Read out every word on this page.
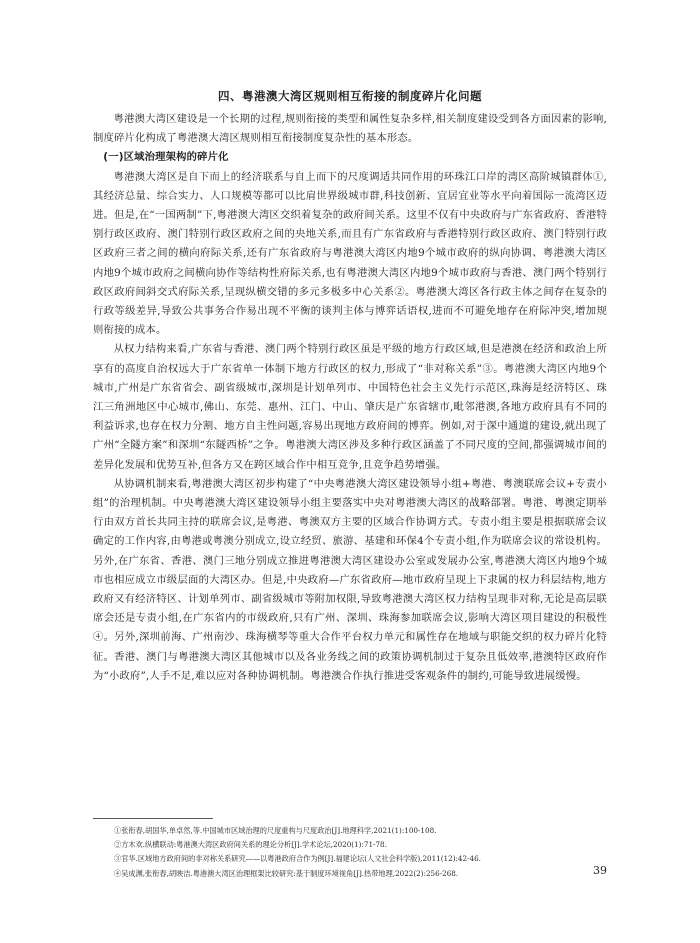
四、粤港澳大湾区规则相互衔接的制度碎片化问题

粤港澳大湾区建设是一个长期的过程,规则衔接的类型和属性复杂多样,相关制度建设受到各方面因素的影响,制度碎片化构成了粤港澳大湾区规则相互衔接制度复杂性的基本形态。

(一)区域治理架构的碎片化

粤港澳大湾区是自下而上的经济联系与自上而下的尺度调适共同作用的环珠江口岸的湾区高阶城镇群体①,其经济总量、综合实力、人口规模等都可以比肩世界级城市群,科技创新、宜居宜业等水平向着国际一流湾区迈进。但是,在“一国两制”下,粤港澳大湾区交织着复杂的政府间关系。这里不仅有中央政府与广东省政府、香港特别行政区政府、澳门特别行政区政府之间的央地关系,而且有广东省政府与香港特别行政区政府、澳门特别行政区政府三者之间的横向府际关系,还有广东省政府与粤港澳大湾区内地9个城市政府的纵向协调、粤港澳大湾区内地9个城市政府之间横向协作等结构性府际关系,也有粤港澳大湾区内地9个城市政府与香港、澳门两个特别行政区政府间斜交式府际关系,呈现纵横交错的多元多极多中心关系②。粤港澳大湾区各行政主体之间存在复杂的行政等级差异,导致公共事务合作易出现不平衡的谈判主体与博弈话语权,进而不可避免地存在府际冲突,增加规则衔接的成本。

从权力结构来看,广东省与香港、澳门两个特别行政区虽是平级的地方行政区域,但是港澳在经济和政治上所享有的高度自治权远大于广东省单一体制下地方行政区的权力,形成了“非对称关系”③。粤港澳大湾区内地9个城市,广州是广东省省会、副省级城市,深圳是计划单列市、中国特色社会主义先行示范区,珠海是经济特区、珠江三角洲地区中心城市,佛山、东莞、惠州、江门、中山、肇庆是广东省辖市,毗邻港澳,各地方政府具有不同的利益诉求,也存在权力分割、地方自主性问题,容易出现地方政府间的博弈。例如,对于深中通道的建设,就出现了广州“全隧方案”和深圳“东隧西桥”之争。粤港澳大湾区涉及多种行政区涵盖了不同尺度的空间,都强调城市间的差异化发展和优势互补,但各方又在跨区域合作中相互竞争,且竞争趋势增强。

从协调机制来看,粤港澳大湾区初步构建了“中央粤港澳大湾区建设领导小组+粤港、粤澳联席会议+专责小组”的治理机制。中央粤港澳大湾区建设领导小组主要落实中央对粤港澳大湾区的战略部署。粤港、粤澳定期举行由双方首长共同主持的联席会议,是粤港、粤澳双方主要的区域合作协调方式。专责小组主要是根据联席会议确定的工作内容,由粤港或粤澳分别成立,设立经贸、旅游、基建和环保4个专责小组,作为联席会议的常设机构。另外,在广东省、香港、澳门三地分别成立推进粤港澳大湾区建设办公室或发展办公室,粤港澳大湾区内地9个城市也相应成立市级层面的大湾区办。但是,中央政府—广东省政府—地市政府呈现上下隶属的权力科层结构,地方政府又有经济特区、计划单列市、副省级城市等附加权限,导致粤港澳大湾区权力结构呈现非对称,无论是高层联席会还是专责小组,在广东省内的市级政府,只有广州、深圳、珠海参加联席会议,影响大湾区项目建设的积极性④。另外,深圳前海、广州南沙、珠海横琴等重大合作平台权力单元和属性存在地域与职能交织的权力碎片化特征。香港、澳门与粤港澳大湾区其他城市以及各业务线之间的政策协调机制过于复杂且低效率,港澳特区政府作为“小政府”,人手不足,难以应对各种协调机制。粤港澳合作执行推进受客观条件的制约,可能导致进展缓慢。

①张衔春,胡国华,单卓然,等.中国城市区域治理的尺度重构与尺度政治[J].地理科学,2021(1):100-108.
②方木欢.纵横联动:粤港澳大湾区政府间关系的理论分析[J].学术论坛,2020(1):71-78.
③官华.区域地方政府间的非对称关系研究——以粤港政府合作为例[J].福建论坛(人文社会科学版),2011(12):42-46.
④吴成渊,张衔春,胡映洁.粤港澳大湾区治理框架比较研究:基于制度环境视角[J].热带地理,2022(2):256-268.	39
